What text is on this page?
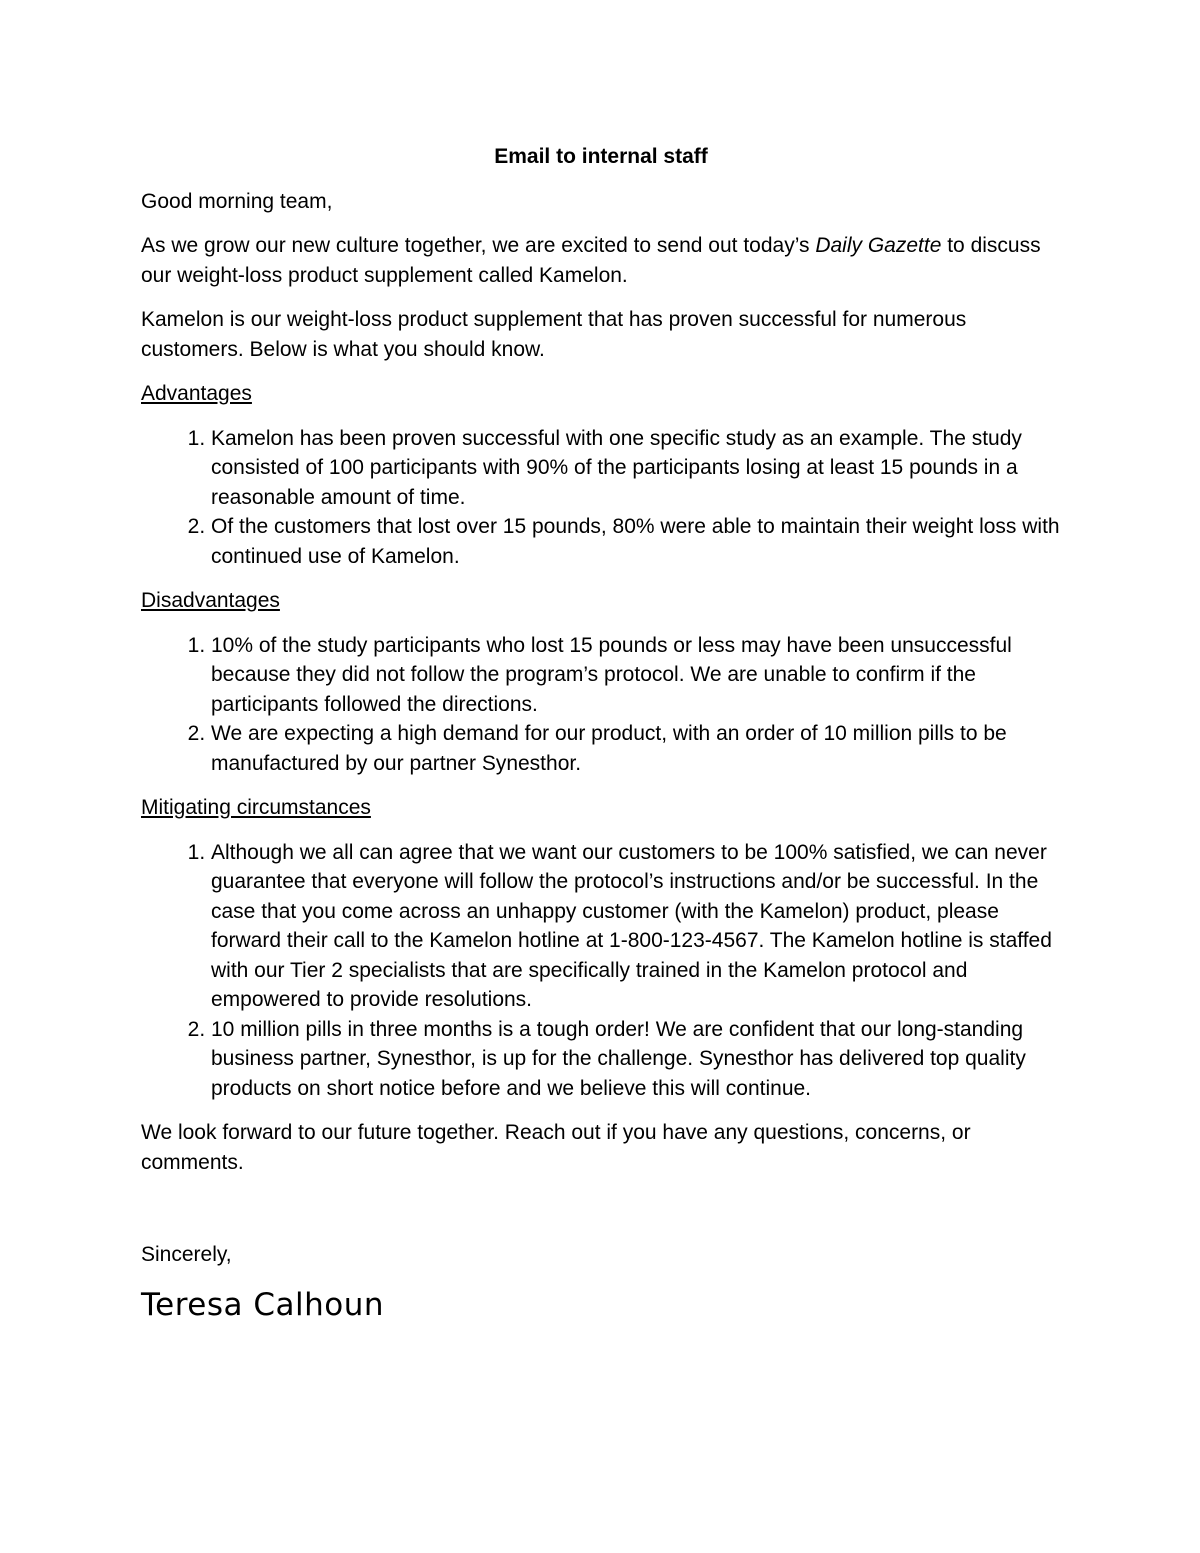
Email to internal staff

Good morning team,

As we grow our new culture together, we are excited to send out today’s Daily Gazette to discuss our weight-loss product supplement called Kamelon.

Kamelon is our weight-loss product supplement that has proven successful for numerous customers. Below is what you should know.

Advantages
1. Kamelon has been proven successful with one specific study as an example. The study consisted of 100 participants with 90% of the participants losing at least 15 pounds in a reasonable amount of time.
2. Of the customers that lost over 15 pounds, 80% were able to maintain their weight loss with continued use of Kamelon.
Disadvantages
1. 10% of the study participants who lost 15 pounds or less may have been unsuccessful because they did not follow the program’s protocol. We are unable to confirm if the participants followed the directions.
2. We are expecting a high demand for our product, with an order of 10 million pills to be manufactured by our partner Synesthor.
Mitigating circumstances
1. Although we all can agree that we want our customers to be 100% satisfied, we can never guarantee that everyone will follow the protocol’s instructions and/or be successful. In the case that you come across an unhappy customer (with the Kamelon) product, please forward their call to the Kamelon hotline at 1-800-123-4567. The Kamelon hotline is staffed with our Tier 2 specialists that are specifically trained in the Kamelon protocol and empowered to provide resolutions.
2. 10 million pills in three months is a tough order! We are confident that our long-standing business partner, Synesthor, is up for the challenge. Synesthor has delivered top quality products on short notice before and we believe this will continue.

We look forward to our future together. Reach out if you have any questions, concerns, or comments.

Sincerely,

Teresa Calhoun
